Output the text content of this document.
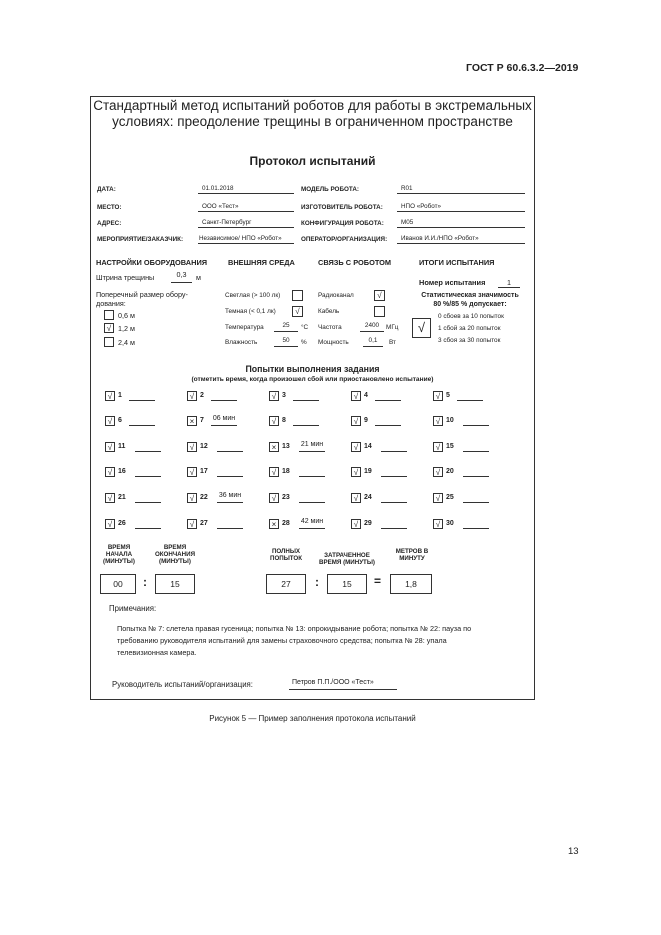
ГОСТ Р 60.6.3.2—2019
Стандартный метод испытаний роботов для работы в экстремальных условиях: преодоление трещины в ограниченном пространстве
Протокол испытаний
ДАТА:	01.01.2018	МОДЕЛЬ РОБОТА:	R01
МЕСТО:	ООО «Тест»	ИЗГОТОВИТЕЛЬ РОБОТА:	НПО «Робот»
АДРЕС:	Санкт-Петербург	КОНФИГУРАЦИЯ РОБОТА:	М05
МЕРОПРИЯТИЕ/ЗАКАЗЧИК:	Независимое/ НПО «Робот»	ОПЕРАТОР/ОРГАНИЗАЦИЯ: Иванов И.И./НПО «Робот»
НАСТРОЙКИ ОБОРУДОВАНИЯ	ВНЕШНЯЯ СРЕДА	СВЯЗЬ С РОБОТОМ	ИТОГИ ИСПЫТАНИЯ
Штрина трещины	0,3	м
Поперечный размер обору-
дования:
0,6 м
√ 1,2 м
2,4 м
Светлая (> 100 лк)
Темная (< 0,1 лк) √
Температура	25	°С
Влажность	50	%
Радиоканал	√
Кабель
Частота	2400	МГц
Мощность	0,1	Вт
Номер испытания	1
Статистическая значимость
80 %/85 % допускает:
√
0 сбоев за 10 попыток
1 сбой за 20 попыток
3 сбоя за 30 попыток
Попытки выполнения задания
(отметить время, когда произошел сбой или приостановлено испытание)
√ 1	√ 2	√ 3	√ 4	√ 5
√ 6	× 7 06 мин	√ 8	√ 9	√ 10
√ 11	√ 12	× 13 21 мин	√ 14	√ 15
√ 16	√ 17	√ 18	√ 19	√ 20
√ 21	√ 22 36 мин	√ 23	√ 24	√ 25
√ 26	√ 27	× 28 42 мин	√ 29	√ 30
ВРЕМЯ НАЧАЛА (МИНУТЫ)
ВРЕМЯ ОКОНЧАНИЯ (МИНУТЫ)
ПОЛНЫХ ПОПЫТОК	ЗАТРАЧЕННОЕ ВРЕМЯ (МИНУТЫ)
МЕТРОВ В МИНУТУ
00	:	15	27	:	15	=	1,8
Примечания:
Попытка № 7: слетела правая гусеница; попытка № 13: опрокидывание робота; попытка № 22: пауза по требованию руководителя испытаний для замены страховочного средства; попытка № 28: упала телевизионная камера.
Руководитель испытаний/организация:	Петров П.П./ООО «Тест»
Рисунок 5 — Пример заполнения протокола испытаний
13
